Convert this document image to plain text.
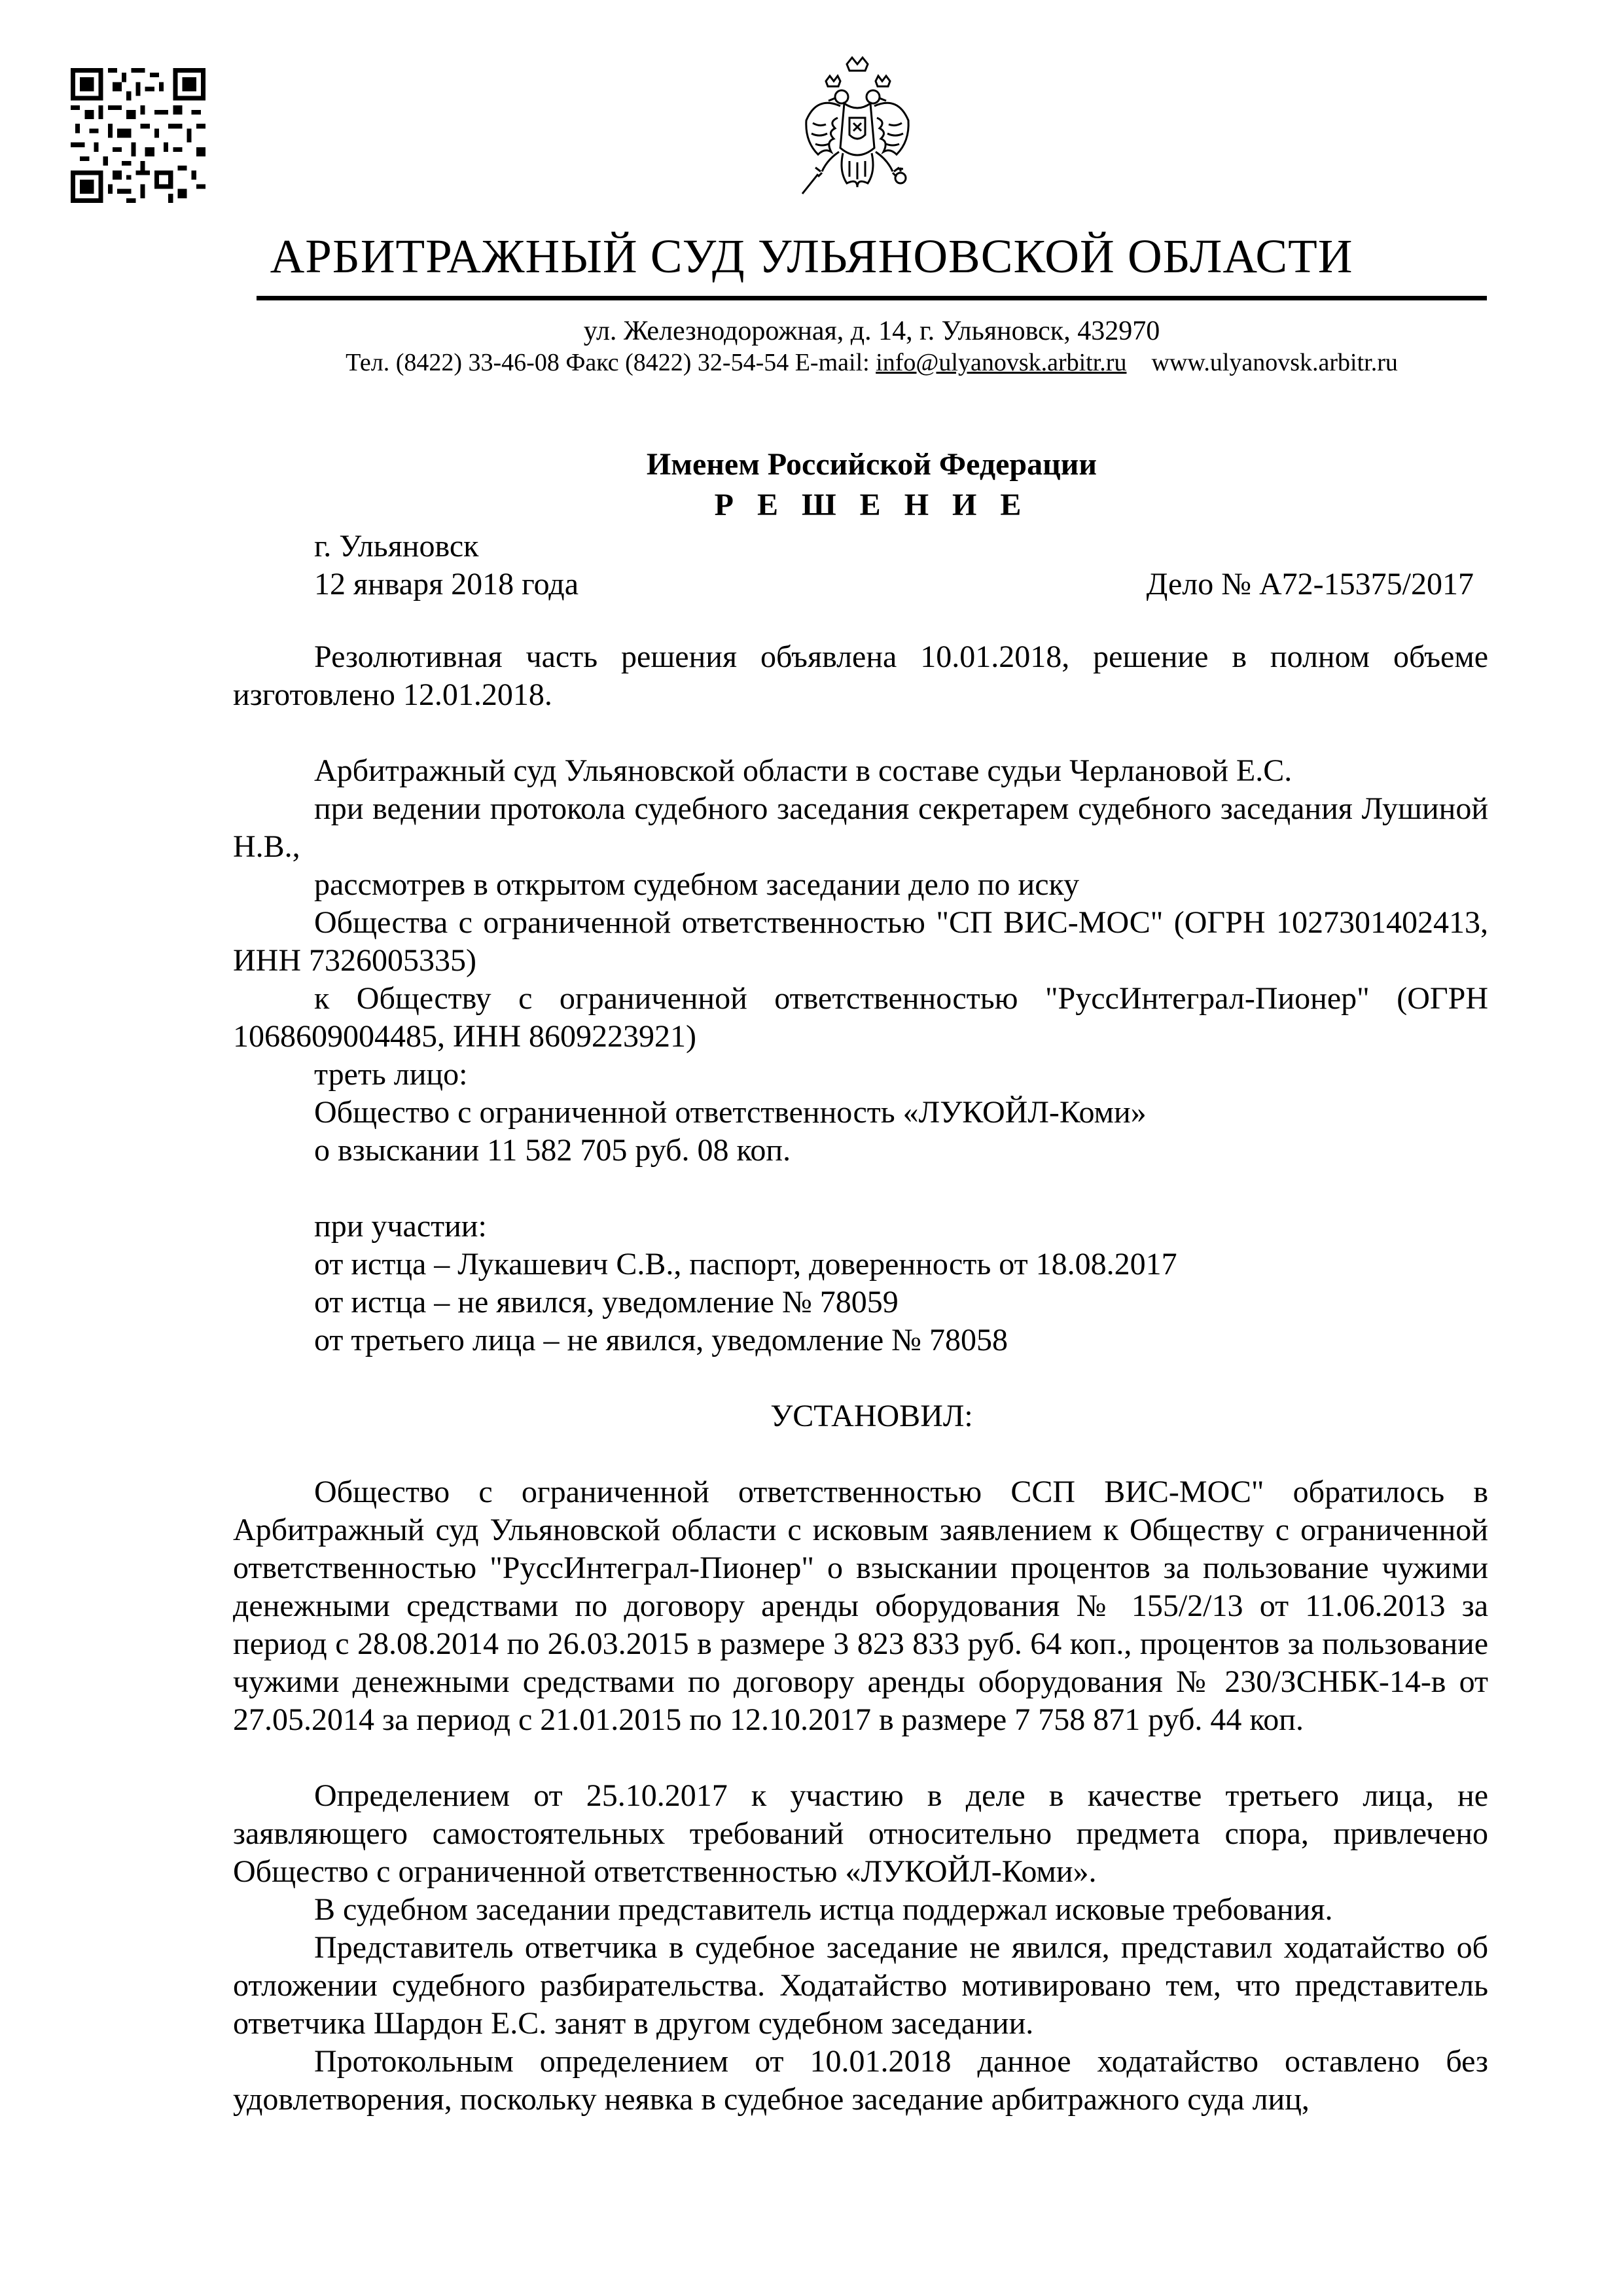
АРБИТРАЖНЫЙ СУД УЛЬЯНОВСКОЙ ОБЛАСТИ
ул. Железнодорожная, д. 14, г. Ульяновск, 432970
Тел. (8422) 33-46-08 Факс (8422) 32-54-54 E-mail: info@ulyanovsk.arbitr.ru www.ulyanovsk.arbitr.ru
Именем Российской Федерации
Р Е Ш Е Н И Е
г. Ульяновск
12 января 2018 года	Дело № А72-15375/2017
Резолютивная часть решения объявлена 10.01.2018, решение в полном объеме изготовлено 12.01.2018.
Арбитражный суд Ульяновской области в составе судьи Черлановой Е.С.
при ведении протокола судебного заседания секретарем судебного заседания Лушиной Н.В.,
рассмотрев в открытом судебном заседании дело по иску
Общества с ограниченной ответственностью "СП ВИС-МОС" (ОГРН 1027301402413, ИНН 7326005335)
к Обществу с ограниченной ответственностью "РуссИнтеграл-Пионер" (ОГРН 1068609004485, ИНН 8609223921)
треть лицо:
Общество с ограниченной ответственность «ЛУКОЙЛ-Коми»
о взыскании 11 582 705 руб. 08 коп.
при участии:
от истца – Лукашевич С.В., паспорт, доверенность от 18.08.2017
от истца – не явился, уведомление № 78059
от третьего лица – не явился, уведомление № 78058
УСТАНОВИЛ:
Общество с ограниченной ответственностью ССП ВИС-МОС" обратилось в Арбитражный суд Ульяновской области с исковым заявлением к Обществу с ограниченной ответственностью "РуссИнтеграл-Пионер" о взыскании процентов за пользование чужими денежными средствами по договору аренды оборудования № 155/2/13 от 11.06.2013 за период с 28.08.2014 по 26.03.2015 в размере 3 823 833 руб. 64 коп., процентов за пользование чужими денежными средствами по договору аренды оборудования № 230/ЗСНБК-14-в от 27.05.2014 за период с 21.01.2015 по 12.10.2017 в размере 7 758 871 руб. 44 коп.
Определением от 25.10.2017 к участию в деле в качестве третьего лица, не заявляющего самостоятельных требований относительно предмета спора, привлечено Общество с ограниченной ответственностью «ЛУКОЙЛ-Коми».
В судебном заседании представитель истца поддержал исковые требования.
Представитель ответчика в судебное заседание не явился, представил ходатайство об отложении судебного разбирательства. Ходатайство мотивировано тем, что представитель ответчика Шардон Е.С. занят в другом судебном заседании.
Протокольным определением от 10.01.2018 данное ходатайство оставлено без удовлетворения, поскольку неявка в судебное заседание арбитражного суда лиц,
